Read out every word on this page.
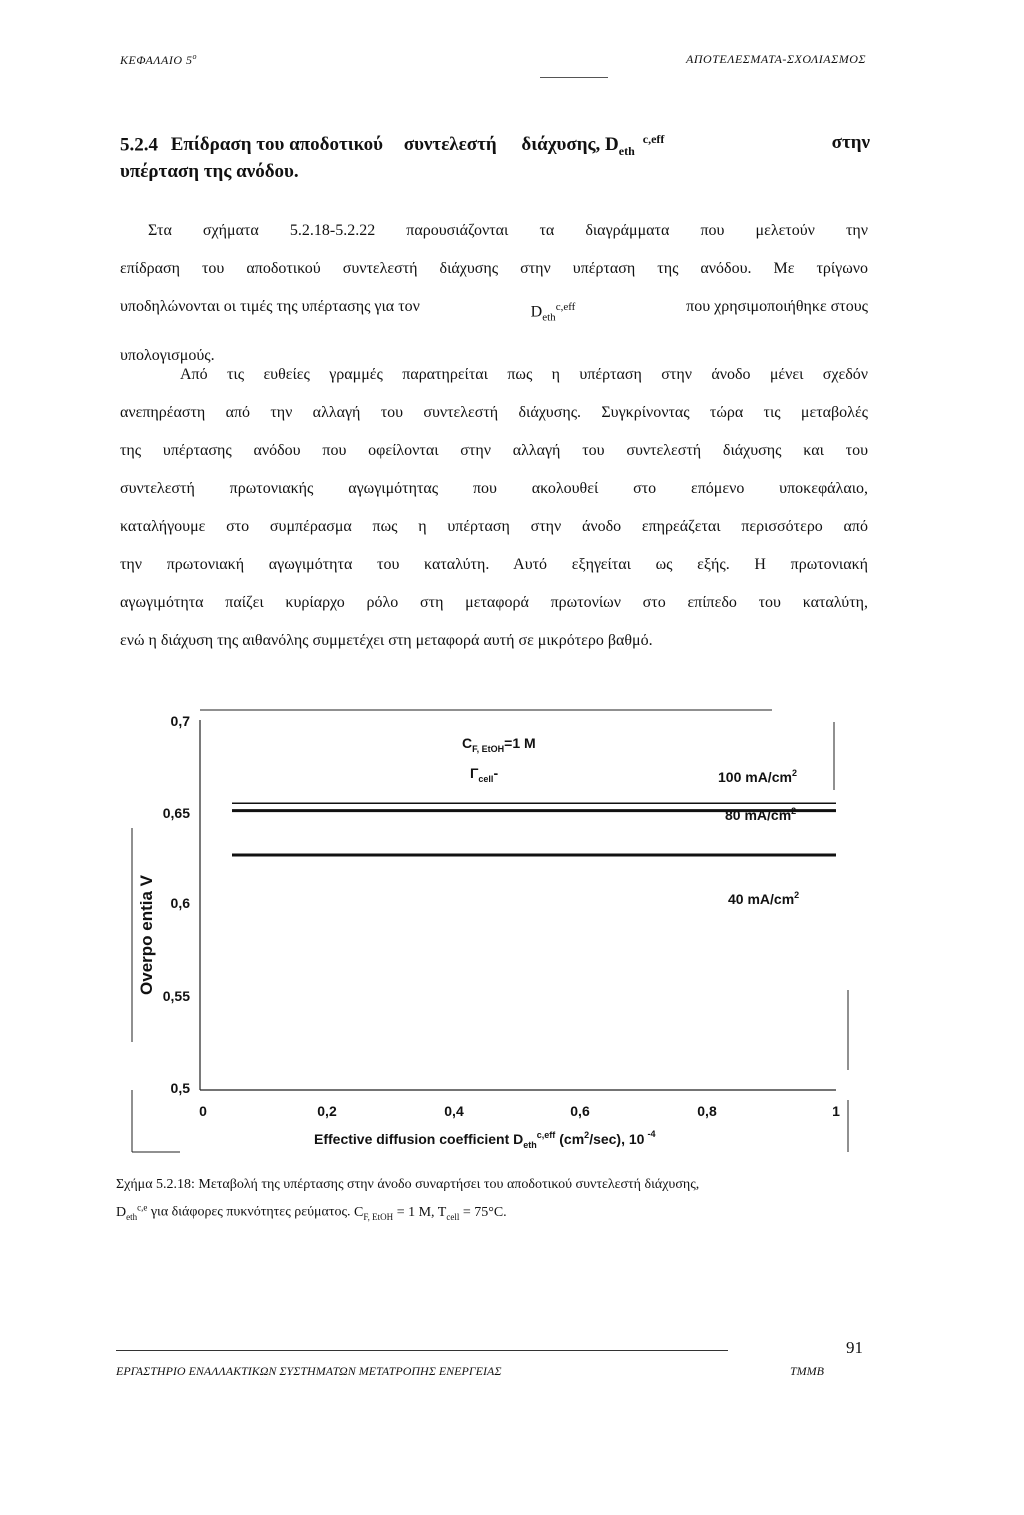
ΚΕΦΑΛΑΙΟ $5^o$	ΑΠΟΤΕΛΕΣΜΑΤΑ-ΣΧΟΛΙΑΣΜΟΣ
5.2.4 Επίδραση του αποδοτικού συντελεστή διάχυσης, $D_{eth}^{c,eff}$	στην
υπέρταση της ανόδου.
Στα σχήματα 5.2.18-5.2.22 παρουσιάζονται τα διαγράμματα που μελετούν την
επίδραση του αποδοτικού συντελεστή διάχυσης στην υπέρταση της ανόδου. Με τρίγωνο
υποδηλώνονται οι τιμές της υπέρτασης για τον	$D_{eth}^{c,eff}$	που χρησιμοποιήθηκε στους
υπολογισμούς.
Από τις ευθείες γραμμές παρατηρείται πως η υπέρταση στην άνοδο μένει σχεδόν
ανεπηρέαστη από την αλλαγή του συντελεστή διάχυσης. Συγκρίνοντας τώρα τις μεταβολές
της υπέρτασης ανόδου που οφείλονται στην αλλαγή του συντελεστή διάχυσης και του
συντελεστή πρωτονιακής αγωγιμότητας που ακολουθεί στο επόμενο υποκεφάλαιο,
καταλήγουμε στο συμπέρασμα πως η υπέρταση στην άνοδο επηρεάζεται περισσότερο από
την πρωτονιακή αγωγιμότητα του καταλύτη. Αυτό εξηγείται ως εξής. Η πρωτονιακή
αγωγιμότητα παίζει κυρίαρχο ρόλο στη μεταφορά πρωτονίων στο επίπεδο του καταλύτη,
ενώ η διάχυση της αιθανόλης συμμετέχει στη μεταφορά αυτή σε μικρότερο βαθμό.
Overpo entia V
0,7
0,65
0,6
0,55
0,5
0	0,2	0,4	0,6	0,8	1
Effective diffusion coefficient $D_{eth}^{c,eff}$ $(cm^2/\sec)$, 10 $^{-4}$
$C_{F, EtOH}=1$ M
$\Gamma_{cell}-$	100 $mA/cm^2$
80 $mA/cm^2$
40 $mA/cm^2$
Σχήμα 5.2.18: Μεταβολή της υπέρτασης στην άνοδο συναρτήσει του αποδοτικού συντελεστή διάχυσης,
$D_{eth}^{c,e}$ για διάφορες πυκνότητες ρεύματος. $C_{F, EtOH} = 1$ M, $T_{cell} = 75^\circ C$.
91
ΕΡΓΑΣΤΗΡΙΟ ΕΝΑΛΛΑΚΤΙΚΩΝ ΣΥΣΤΗΜΑΤΩΝ ΜΕΤΑΤΡΟΠΗΣ ΕΝΕΡΓΕΙΑΣ	ΤΜΜΒ
